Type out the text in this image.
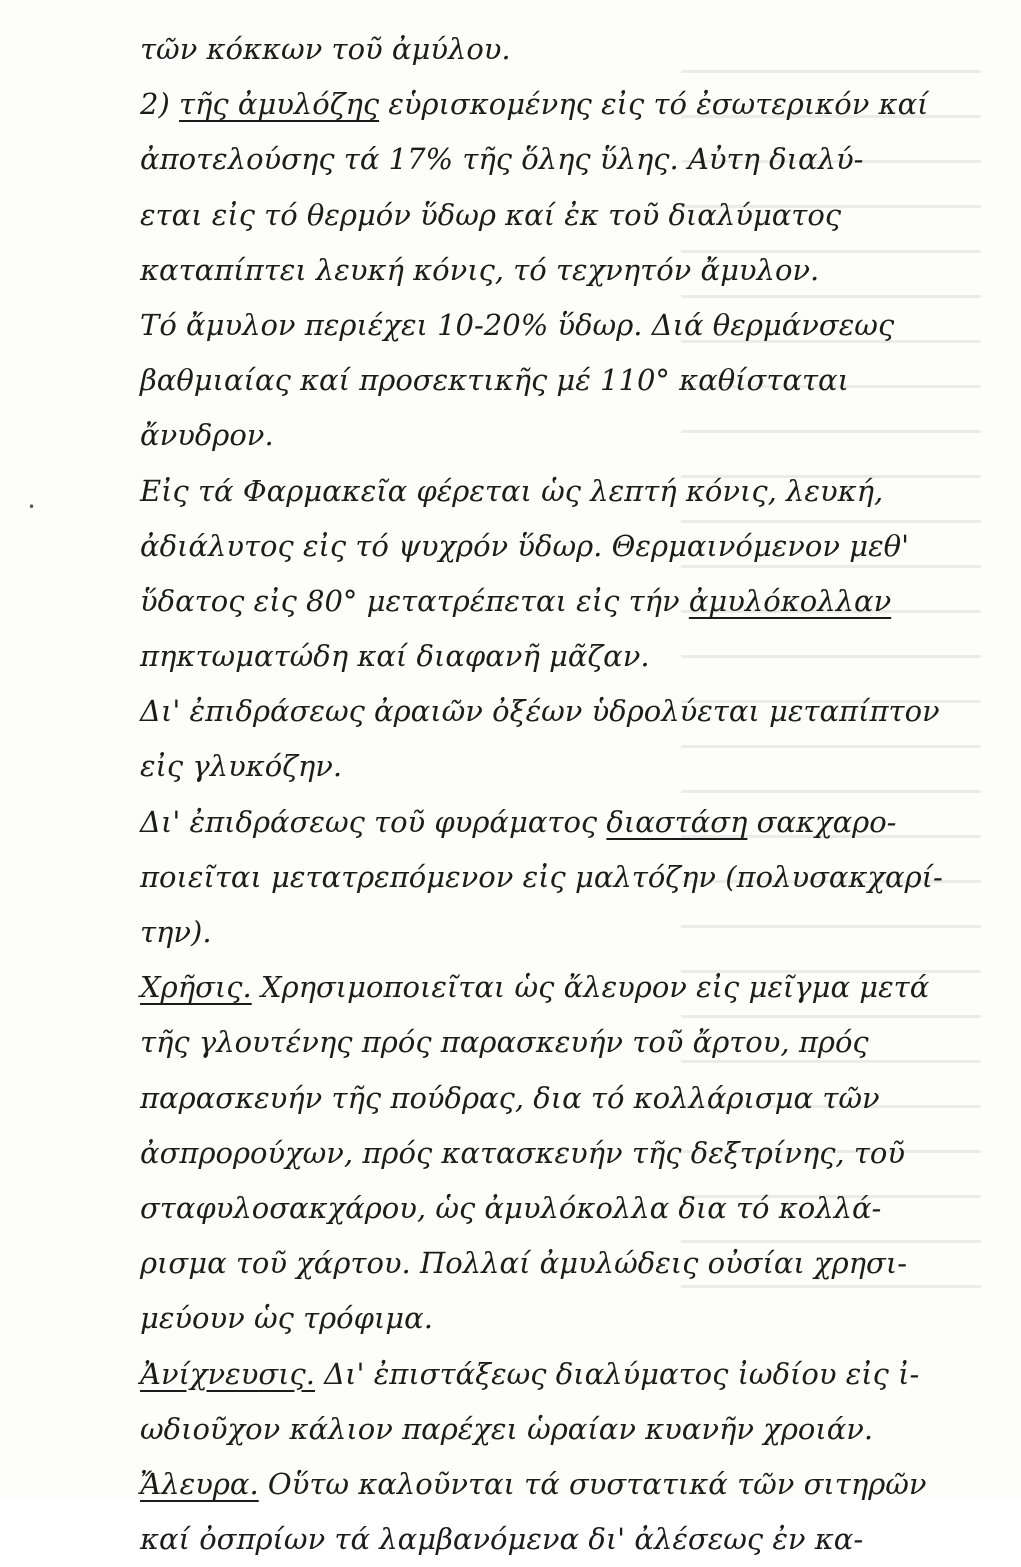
•
τῶν κόκκων τοῦ ἀμύλου.
2) τῆς ἀμυλόζης εὑρισκομένης εἰς τό ἐσωτερικόν καί
ἀποτελούσης τά 17% τῆς ὅλης ὕλης. Αὐτη διαλύ-
εται εἰς τό θερμόν ὕδωρ καί ἐκ τοῦ διαλύματος
καταπίπτει λευκή κόνις, τό τεχνητόν ἄμυλον.
Τό ἄμυλον περιέχει 10-20% ὕδωρ. Διά θερμάνσεως
βαθμιαίας καί προσεκτικῆς μέ 110° καθίσταται
ἄνυδρον.
Εἰς τά Φαρμακεῖα φέρεται ὡς λεπτή κόνις, λευκή,
ἀδιάλυτος εἰς τό ψυχρόν ὕδωρ. Θερμαινόμενον μεθ'
ὕδατος εἰς 80° μετατρέπεται εἰς τήν ἀμυλόκολλαν
πηκτωματώδη καί διαφανῆ μᾶζαν.
Δι' ἐπιδράσεως ἀραιῶν ὀξέων ὑδρολύεται μεταπίπτον
εἰς γλυκόζην.
Δι' ἐπιδράσεως τοῦ φυράματος διαστάση σακχαρο-
ποιεῖται μετατρεπόμενον εἰς μαλτόζην (πολυσακχαρί-
την).
Χρῆσις. Χρησιμοποιεῖται ὡς ἄλευρον εἰς μεῖγμα μετά
τῆς γλουτένης πρός παρασκευήν τοῦ ἄρτου, πρός
παρασκευήν τῆς πούδρας, δια τό κολλάρισμα τῶν
ἀσπρορούχων, πρός κατασκευήν τῆς δεξτρίνης, τοῦ
σταφυλοσακχάρου, ὡς ἀμυλόκολλα δια τό κολλά-
ρισμα τοῦ χάρτου. Πολλαί ἀμυλώδεις οὐσίαι χρησι-
μεύουν ὡς τρόφιμα.
Ἀνίχνευσις. Δι' ἐπιστάξεως διαλύματος ἰωδίου εἰς ἰ-
ωδιοῦχον κάλιον παρέχει ὡραίαν κυανῆν χροιάν.
Ἄλευρα. Οὕτω καλοῦνται τά συστατικά τῶν σιτηρῶν
καί ὀσπρίων τά λαμβανόμενα δι' ἀλέσεως ἐν κα-
